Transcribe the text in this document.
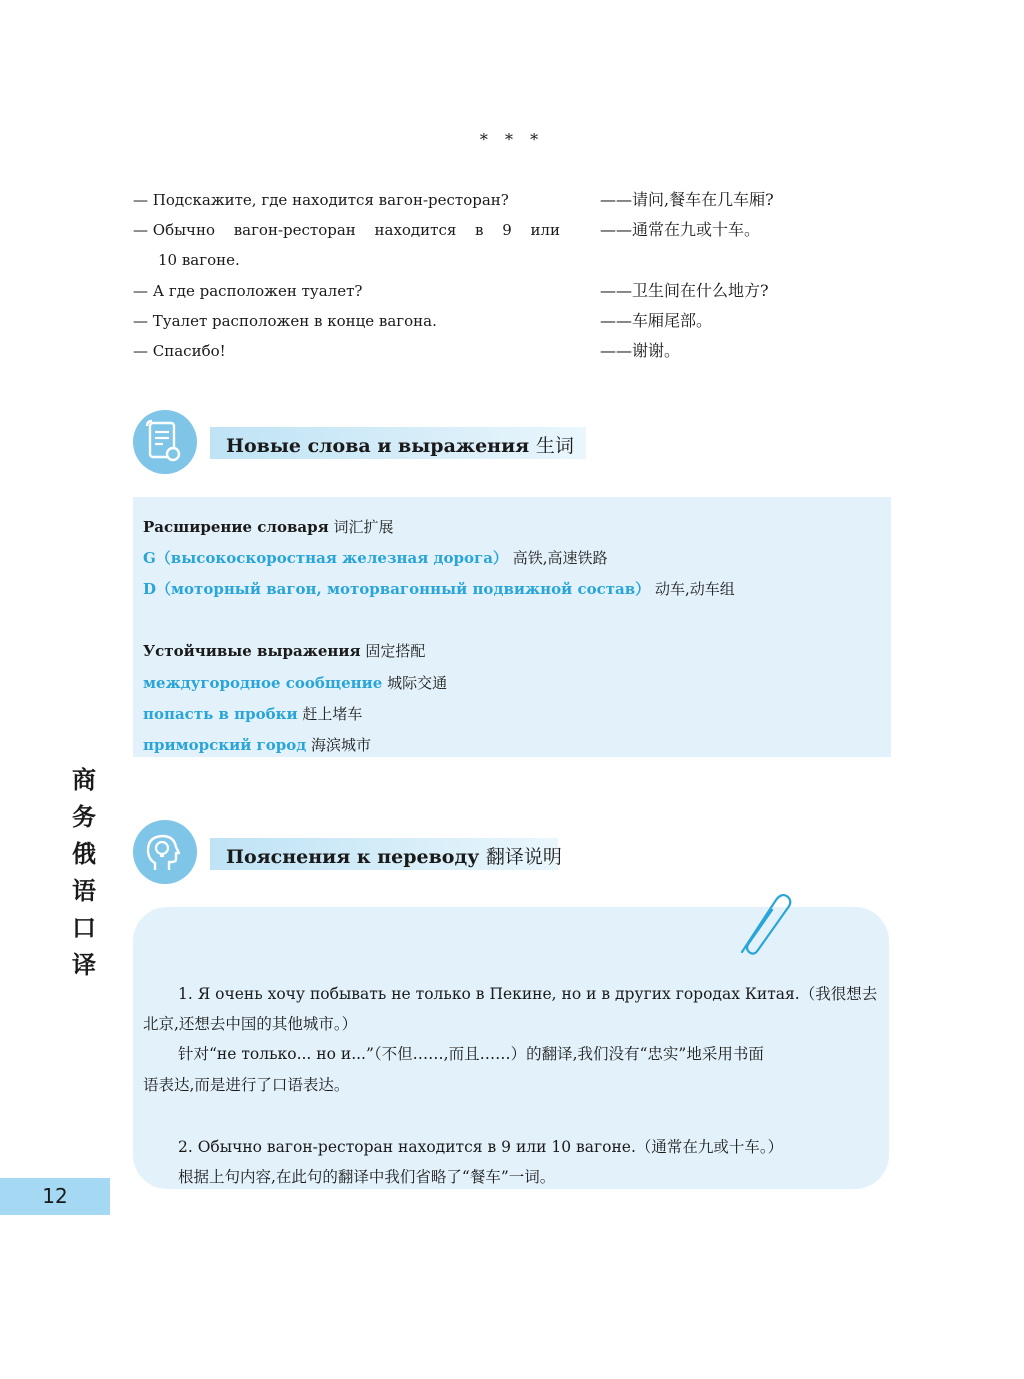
* * *
— Подскажите, где находится вагон-ресторан?	——请问,餐车在几车厢?
— Обычно вагон-ресторан находится в 9 или	——通常在九或十车。
10 вагоне.
— А где расположен туалет?	——卫生间在什么地方?
— Туалет расположен в конце вагона.	——车厢尾部。
— Спасибо!	——谢谢。
Новые слова и выражения 生词
Расширение словаря 词汇扩展
G（высокоскоростная железная дорога） 高铁,高速铁路
D（моторный вагон, моторвагонный подвижной состав） 动车,动车组
Устойчивые выражения 固定搭配
междугородное сообщение 城际交通
попасть в пробки 赶上堵车
приморский город 海滨城市
Пояснения к переводу 翻译说明
1. Я очень хочу побывать не только в Пекине, но и в других городах Китая.（我很想去
北京,还想去中国的其他城市。）
针对“не только... но и...”（不但……,而且……）的翻译,我们没有“忠实”地采用书面
语表达,而是进行了口语表达。
2. Обычно вагон-ресторан находится в 9 или 10 вагоне.（通常在九或十车。）
根据上句内容,在此句的翻译中我们省略了“餐车”一词。
商
务
俄
语
口
译
12
